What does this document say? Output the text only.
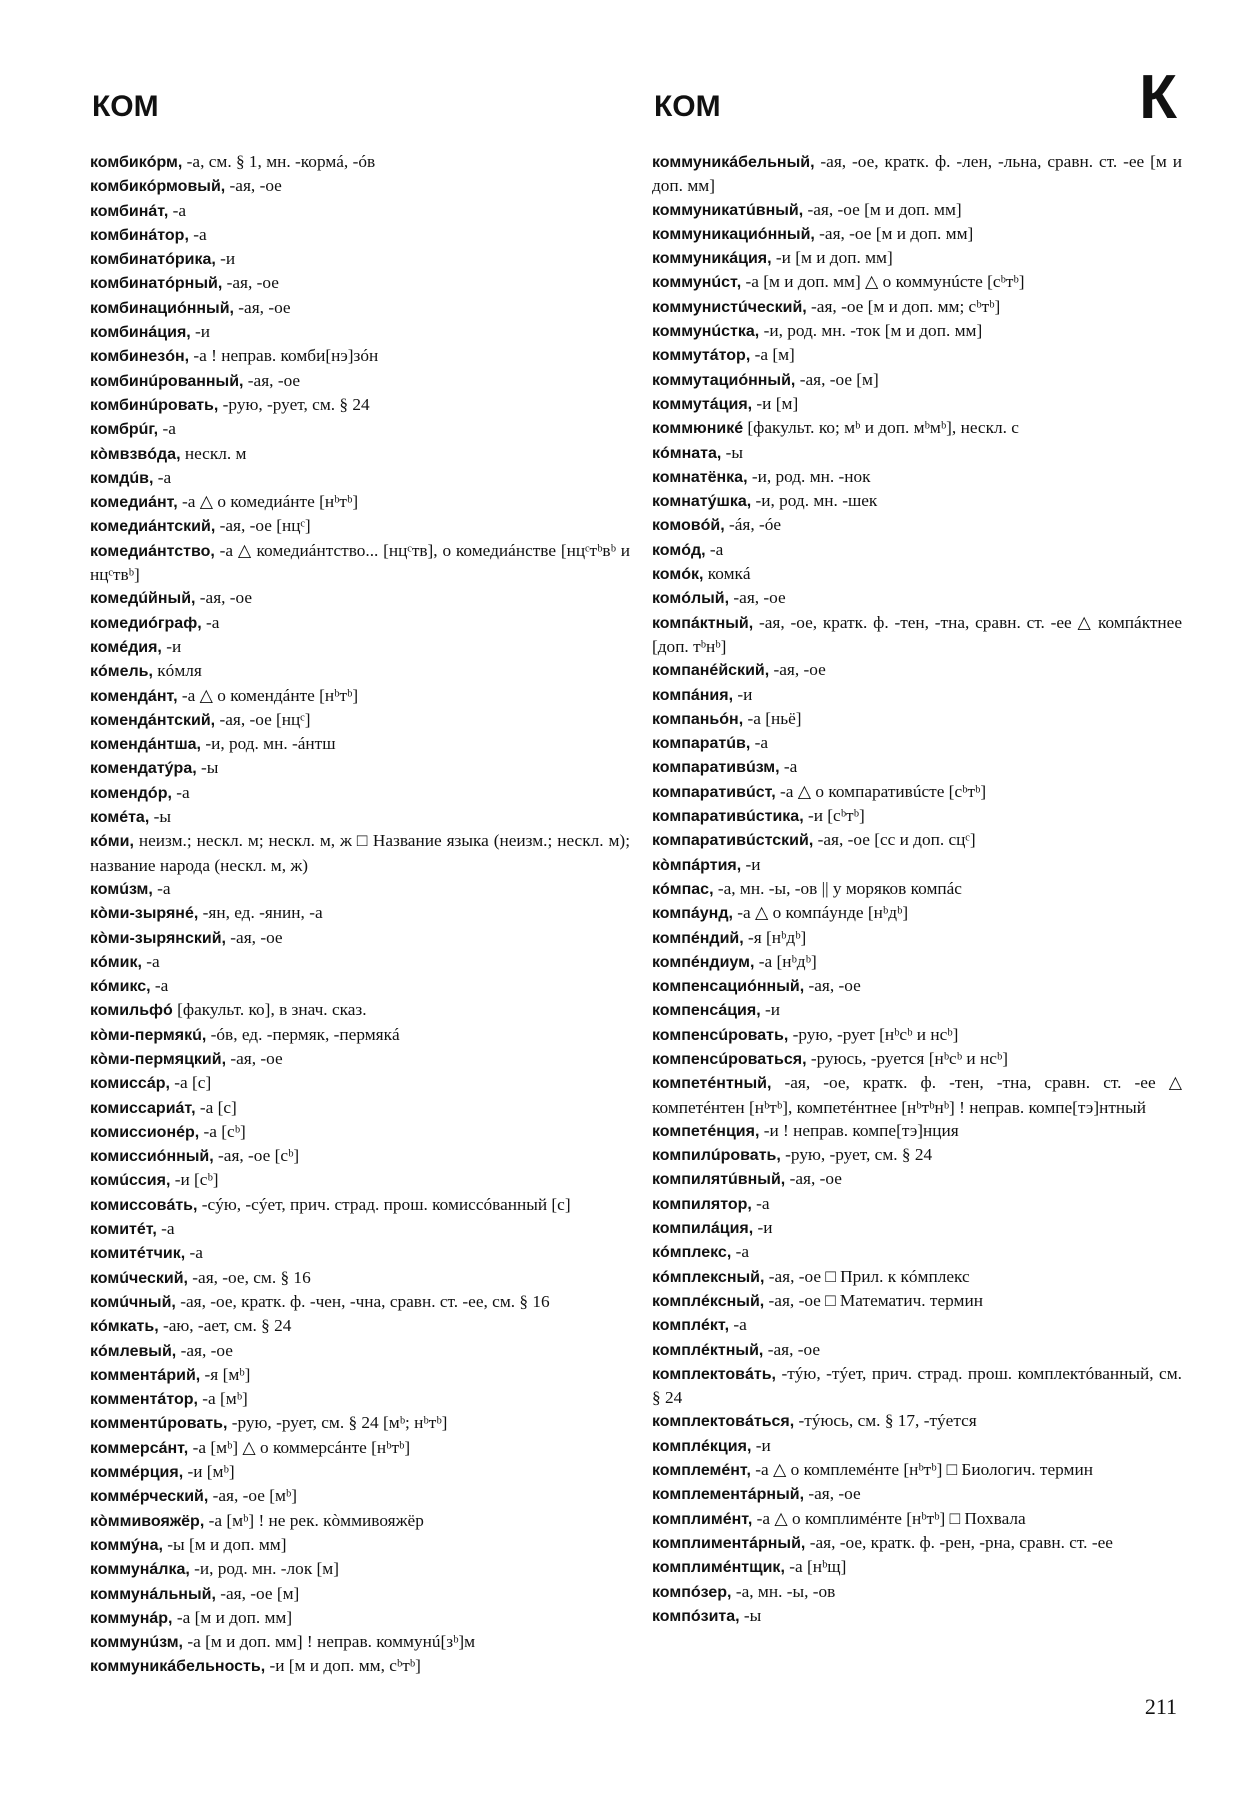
КОМ	КОМ	К

комбикóрм, -а, см. § 1, мн. -кормá, -óв

комбикóрмовый, -ая, -ое

комбинáт, -а

комбинáтор, -а

комбинатóрика, -и

комбинатóрный, -ая, -ое

комбинациóнный, -ая, -ое

комбинáция, -и

комбинезóн, -а ! неправ. комби[нэ]зóн

комбинúрованный, -ая, -ое

комбинúровать, -рую, -рует, см. § 24

комбрúг, -а

кòмвзвóда, нескл. м

комдúв, -а

комедиáнт, -а △ о комедиáнте [нᵇтᵇ]

комедиáнтский, -ая, -ое [нцᶜ]

комедиáнтство, -а △ комедиáнтство... [нцᶜтв], о комедиáнстве [нцᶜтᵇвᵇ и нцᶜтвᵇ]

комедúйный, -ая, -ое

комедиóграф, -а

комéдия, -и

кóмель, кóмля

комендáнт, -а △ о комендáнте [нᵇтᵇ]

комендáнтский, -ая, -ое [нцᶜ]

комендáнтша, -и, род. мн. -áнтш

комендатýра, -ы

комендóр, -а

комéта, -ы

кóми, неизм.; нескл. м; нескл. м, ж □ Название языка (неизм.; нескл. м); название народа (нескл. м, ж)

комúзм, -а

кòми-зырянé, -ян, ед. -янин, -а

кòми-зырянский, -ая, -ое

кóмик, -а

кóмикс, -а

комильфó [факульт. ко], в знач. сказ.

кòми-пермякú, -óв, ед. -пермяк, -пермякá

кòми-пермяцкий, -ая, -ое

комиссáр, -а [с]

комиссариáт, -а [с]

комиссионéр, -а [сᵇ]

комиссиóнный, -ая, -ое [сᵇ]

комúссия, -и [сᵇ]

комиссовáть, -сýю, -сýет, прич. страд. прош. комиссóванный [с]

комитéт, -а

комитéтчик, -а

комúческий, -ая, -ое, см. § 16

комúчный, -ая, -ое, кратк. ф. -чен, -чна, сравн. ст. -ее, см. § 16

кóмкать, -аю, -ает, см. § 24

кóмлевый, -ая, -ое

комментáрий, -я [мᵇ]

комментáтор, -а [мᵇ]

комментúровать, -рую, -рует, см. § 24 [мᵇ; нᵇтᵇ]

коммерсáнт, -а [мᵇ] △ о коммерсáнте [нᵇтᵇ]

коммéрция, -и [мᵇ]

коммéрческий, -ая, -ое [мᵇ]

кòммивояжёр, -а [мᵇ] ! не рек. кòммивояжëр

коммýна, -ы [м и доп. мм]

коммунáлка, -и, род. мн. -лок [м]

коммунáльный, -ая, -ое [м]

коммунáр, -а [м и доп. мм]

коммунúзм, -а [м и доп. мм] ! неправ. коммунú[зᵇ]м

коммуникáбельность, -и [м и доп. мм, сᵇтᵇ]

коммуникáбельный, -ая, -ое, кратк. ф. -лен, -льна, сравн. ст. -ее [м и доп. мм]

коммуникатúвный, -ая, -ое [м и доп. мм]

коммуникациóнный, -ая, -ое [м и доп. мм]

коммуникáция, -и [м и доп. мм]

коммунúст, -а [м и доп. мм] △ о коммунúсте [сᵇтᵇ]

коммунистúческий, -ая, -ое [м и доп. мм; сᵇтᵇ]

коммунúстка, -и, род. мн. -ток [м и доп. мм]

коммутáтор, -а [м]

коммутациóнный, -ая, -ое [м]

коммутáция, -и [м]

коммюникé [факульт. ко; мᵇ и доп. мᵇмᵇ], нескл. с

кóмната, -ы

комнатёнка, -и, род. мн. -нок

комнатýшка, -и, род. мн. -шек

комовóй, -áя, -óе

комóд, -а

комóк, комкá

комóлый, -ая, -ое

компáктный, -ая, -ое, кратк. ф. -тен, -тна, сравн. ст. -ее △ компáктнее [доп. тᵇнᵇ]

компанéйский, -ая, -ое

компáния, -и

компаньóн, -а [ньё]

компаратúв, -а

компаративúзм, -а

компаративúст, -а △ о компаративúсте [сᵇтᵇ]

компаративúстика, -и [сᵇтᵇ]

компаративúстский, -ая, -ое [сс и доп. сцᶜ]

кòмпáртия, -и

кóмпас, -а, мн. -ы, -ов || у моряков компáс

компáунд, -а △ о компáунде [нᵇдᵇ]

компéндий, -я [нᵇдᵇ]

компéндиум, -а [нᵇдᵇ]

компенсациóнный, -ая, -ое

компенсáция, -и

компенсúровать, -рую, -рует [нᵇсᵇ и нсᵇ]

компенсúроваться, -руюсь, -руется [нᵇсᵇ и нсᵇ]

компетéнтный, -ая, -ое, кратк. ф. -тен, -тна, сравн. ст. -ее △ компетéнтен [нᵇтᵇ], компетéнтнее [нᵇтᵇнᵇ] ! неправ. компе[тэ]нтный

компетéнция, -и ! неправ. компе[тэ]нция

компилúровать, -рую, -рует, см. § 24

компилятúвный, -ая, -ое

компилятор, -а

компилáция, -и

кóмплекс, -а

кóмплексный, -ая, -ое □ Прил. к кóмплекс

комплéксный, -ая, -ое □ Математич. термин

комплéкт, -а

комплéктный, -ая, -ое

комплектовáть, -тýю, -тýет, прич. страд. прош. комплектóванный, см. § 24

комплектовáться, -тýюсь, см. § 17, -тýется

комплéкция, -и

комплемéнт, -а △ о комплемéнте [нᵇтᵇ] □ Биологич. термин

комплементáрный, -ая, -ое

комплимéнт, -а △ о комплимéнте [нᵇтᵇ] □ Похвала

комплиментáрный, -ая, -ое, кратк. ф. -рен, -рна, сравн. ст. -ее

комплимéнтщик, -а [нᵇщ]

компóзер, -а, мн. -ы, -ов

компóзита, -ы

211
